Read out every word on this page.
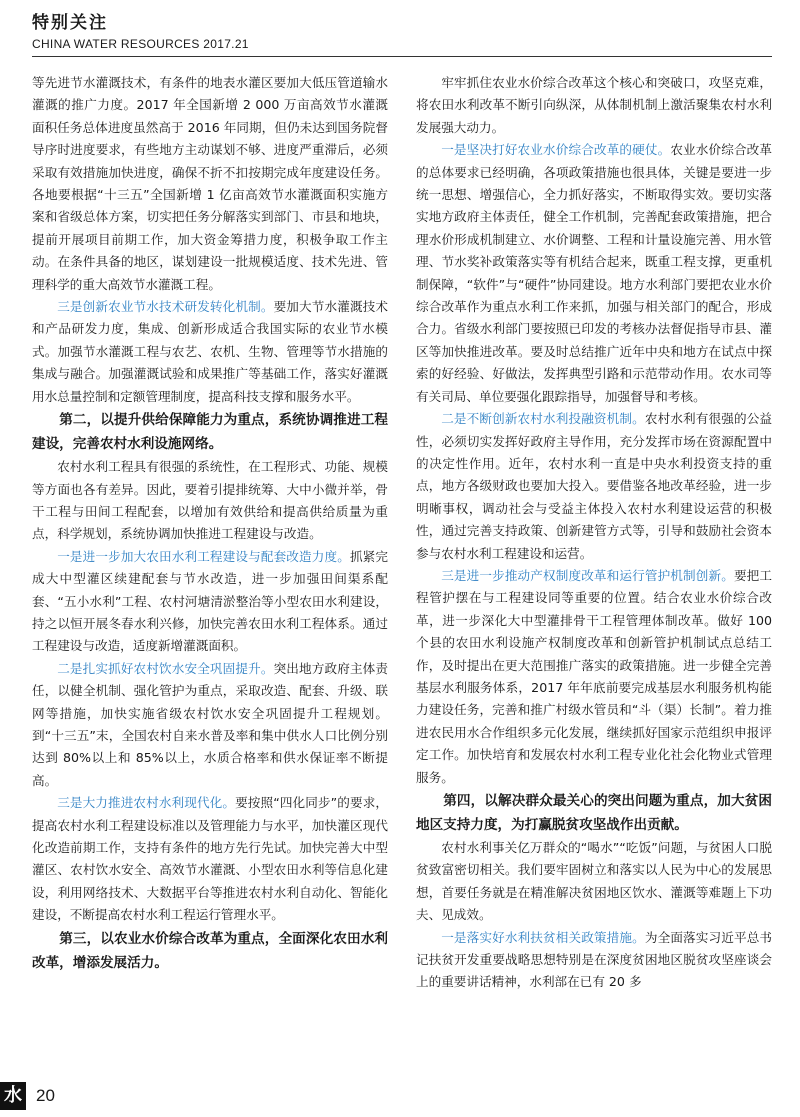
特别关注
CHINA WATER RESOURCES 2017.21

等先进节水灌溉技术，有条件的地表水灌区要加大低压管道输水灌溉的推广力度。2017 年全国新增 2 000 万亩高效节水灌溉面积任务总体进度虽然高于 2016 年同期，但仍未达到国务院督导序时进度要求，有些地方主动谋划不够、进度严重滞后，必须采取有效措施加快进度，确保不折不扣按期完成年度建设任务。各地要根据“十三五”全国新增 1 亿亩高效节水灌溉面积实施方案和省级总体方案，切实把任务分解落实到部门、市县和地块，提前开展项目前期工作，加大资金筹措力度，积极争取工作主动。在条件具备的地区，谋划建设一批规模适度、技术先进、管理科学的重大高效节水灌溉工程。

三是创新农业节水技术研发转化机制。要加大节水灌溉技术和产品研发力度，集成、创新形成适合我国实际的农业节水模式。加强节水灌溉工程与农艺、农机、生物、管理等节水措施的集成与融合。加强灌溉试验和成果推广等基础工作，落实好灌溉用水总量控制和定额管理制度，提高科技支撑和服务水平。

第二，以提升供给保障能力为重点，系统协调推进工程建设，完善农村水利设施网络。

农村水利工程具有很强的系统性，在工程形式、功能、规模等方面也各有差异。因此，要着引提排统筹、大中小微并举，骨干工程与田间工程配套，以增加有效供给和提高供给质量为重点，科学规划，系统协调加快推进工程建设与改造。

一是进一步加大农田水利工程建设与配套改造力度。抓紧完成大中型灌区续建配套与节水改造，进一步加强田间渠系配套、“五小水利”工程、农村河塘清淤整治等小型农田水利建设，持之以恒开展冬春水利兴修，加快完善农田水利工程体系。通过工程建设与改造，适度新增灌溉面积。

二是扎实抓好农村饮水安全巩固提升。突出地方政府主体责任，以健全机制、强化管护为重点，采取改造、配套、升级、联网等措施，加快实施省级农村饮水安全巩固提升工程规划。到“十三五”末，全国农村自来水普及率和集中供水人口比例分别达到 80%以上和 85%以上，水质合格率和供水保证率不断提高。

三是大力推进农村水利现代化。要按照“四化同步”的要求，提高农村水利工程建设标准以及管理能力与水平，加快灌区现代化改造前期工作，支持有条件的地方先行先试。加快完善大中型灌区、农村饮水安全、高效节水灌溉、小型农田水利等信息化建设，利用网络技术、大数据平台等推进农村水利自动化、智能化建设，不断提高农村水利工程运行管理水平。

第三，以农业水价综合改革为重点，全面深化农田水利改革，增添发展活力。

牢牢抓住农业水价综合改革这个核心和突破口，攻坚克难，将农田水利改革不断引向纵深，从体制机制上激活聚集农村水利发展强大动力。

一是坚决打好农业水价综合改革的硬仗。农业水价综合改革的总体要求已经明确，各项政策措施也很具体，关键是要进一步统一思想、增强信心，全力抓好落实，不断取得实效。要切实落实地方政府主体责任，健全工作机制，完善配套政策措施，把合理水价形成机制建立、水价调整、工程和计量设施完善、用水管理、节水奖补政策落实等有机结合起来，既重工程支撑，更重机制保障，“软件”与“硬件”协同建设。地方水利部门要把农业水价综合改革作为重点水利工作来抓，加强与相关部门的配合，形成合力。省级水利部门要按照已印发的考核办法督促指导市县、灌区等加快推进改革。要及时总结推广近年中央和地方在试点中探索的好经验、好做法，发挥典型引路和示范带动作用。农水司等有关司局、单位要强化跟踪指导，加强督导和考核。

二是不断创新农村水利投融资机制。农村水利有很强的公益性，必须切实发挥好政府主导作用，充分发挥市场在资源配置中的决定性作用。近年，农村水利一直是中央水利投资支持的重点，地方各级财政也要加大投入。要借鉴各地改革经验，进一步明晰事权，调动社会与受益主体投入农村水利建设运营的积极性，通过完善支持政策、创新建管方式等，引导和鼓励社会资本参与农村水利工程建设和运营。

三是进一步推动产权制度改革和运行管护机制创新。要把工程管护摆在与工程建设同等重要的位置。结合农业水价综合改革，进一步深化大中型灌排骨干工程管理体制改革。做好 100 个县的农田水利设施产权制度改革和创新管护机制试点总结工作，及时提出在更大范围推广落实的政策措施。进一步健全完善基层水利服务体系，2017 年年底前要完成基层水利服务机构能力建设任务，完善和推广村级水管员和“斗（渠）长制”。着力推进农民用水合作组织多元化发展，继续抓好国家示范组织申报评定工作。加快培育和发展农村水利工程专业化社会化物业式管理服务。

第四，以解决群众最关心的突出问题为重点，加大贫困地区支持力度，为打赢脱贫攻坚战作出贡献。

农村水利事关亿万群众的“喝水”“吃饭”问题，与贫困人口脱贫致富密切相关。我们要牢固树立和落实以人民为中心的发展思想，首要任务就是在精准解决贫困地区饮水、灌溉等难题上下功夫、见成效。

一是落实好水利扶贫相关政策措施。为全面落实习近平总书记扶贫开发重要战略思想特别是在深度贫困地区脱贫攻坚座谈会上的重要讲话精神，水利部在已有 20 多

水 20
